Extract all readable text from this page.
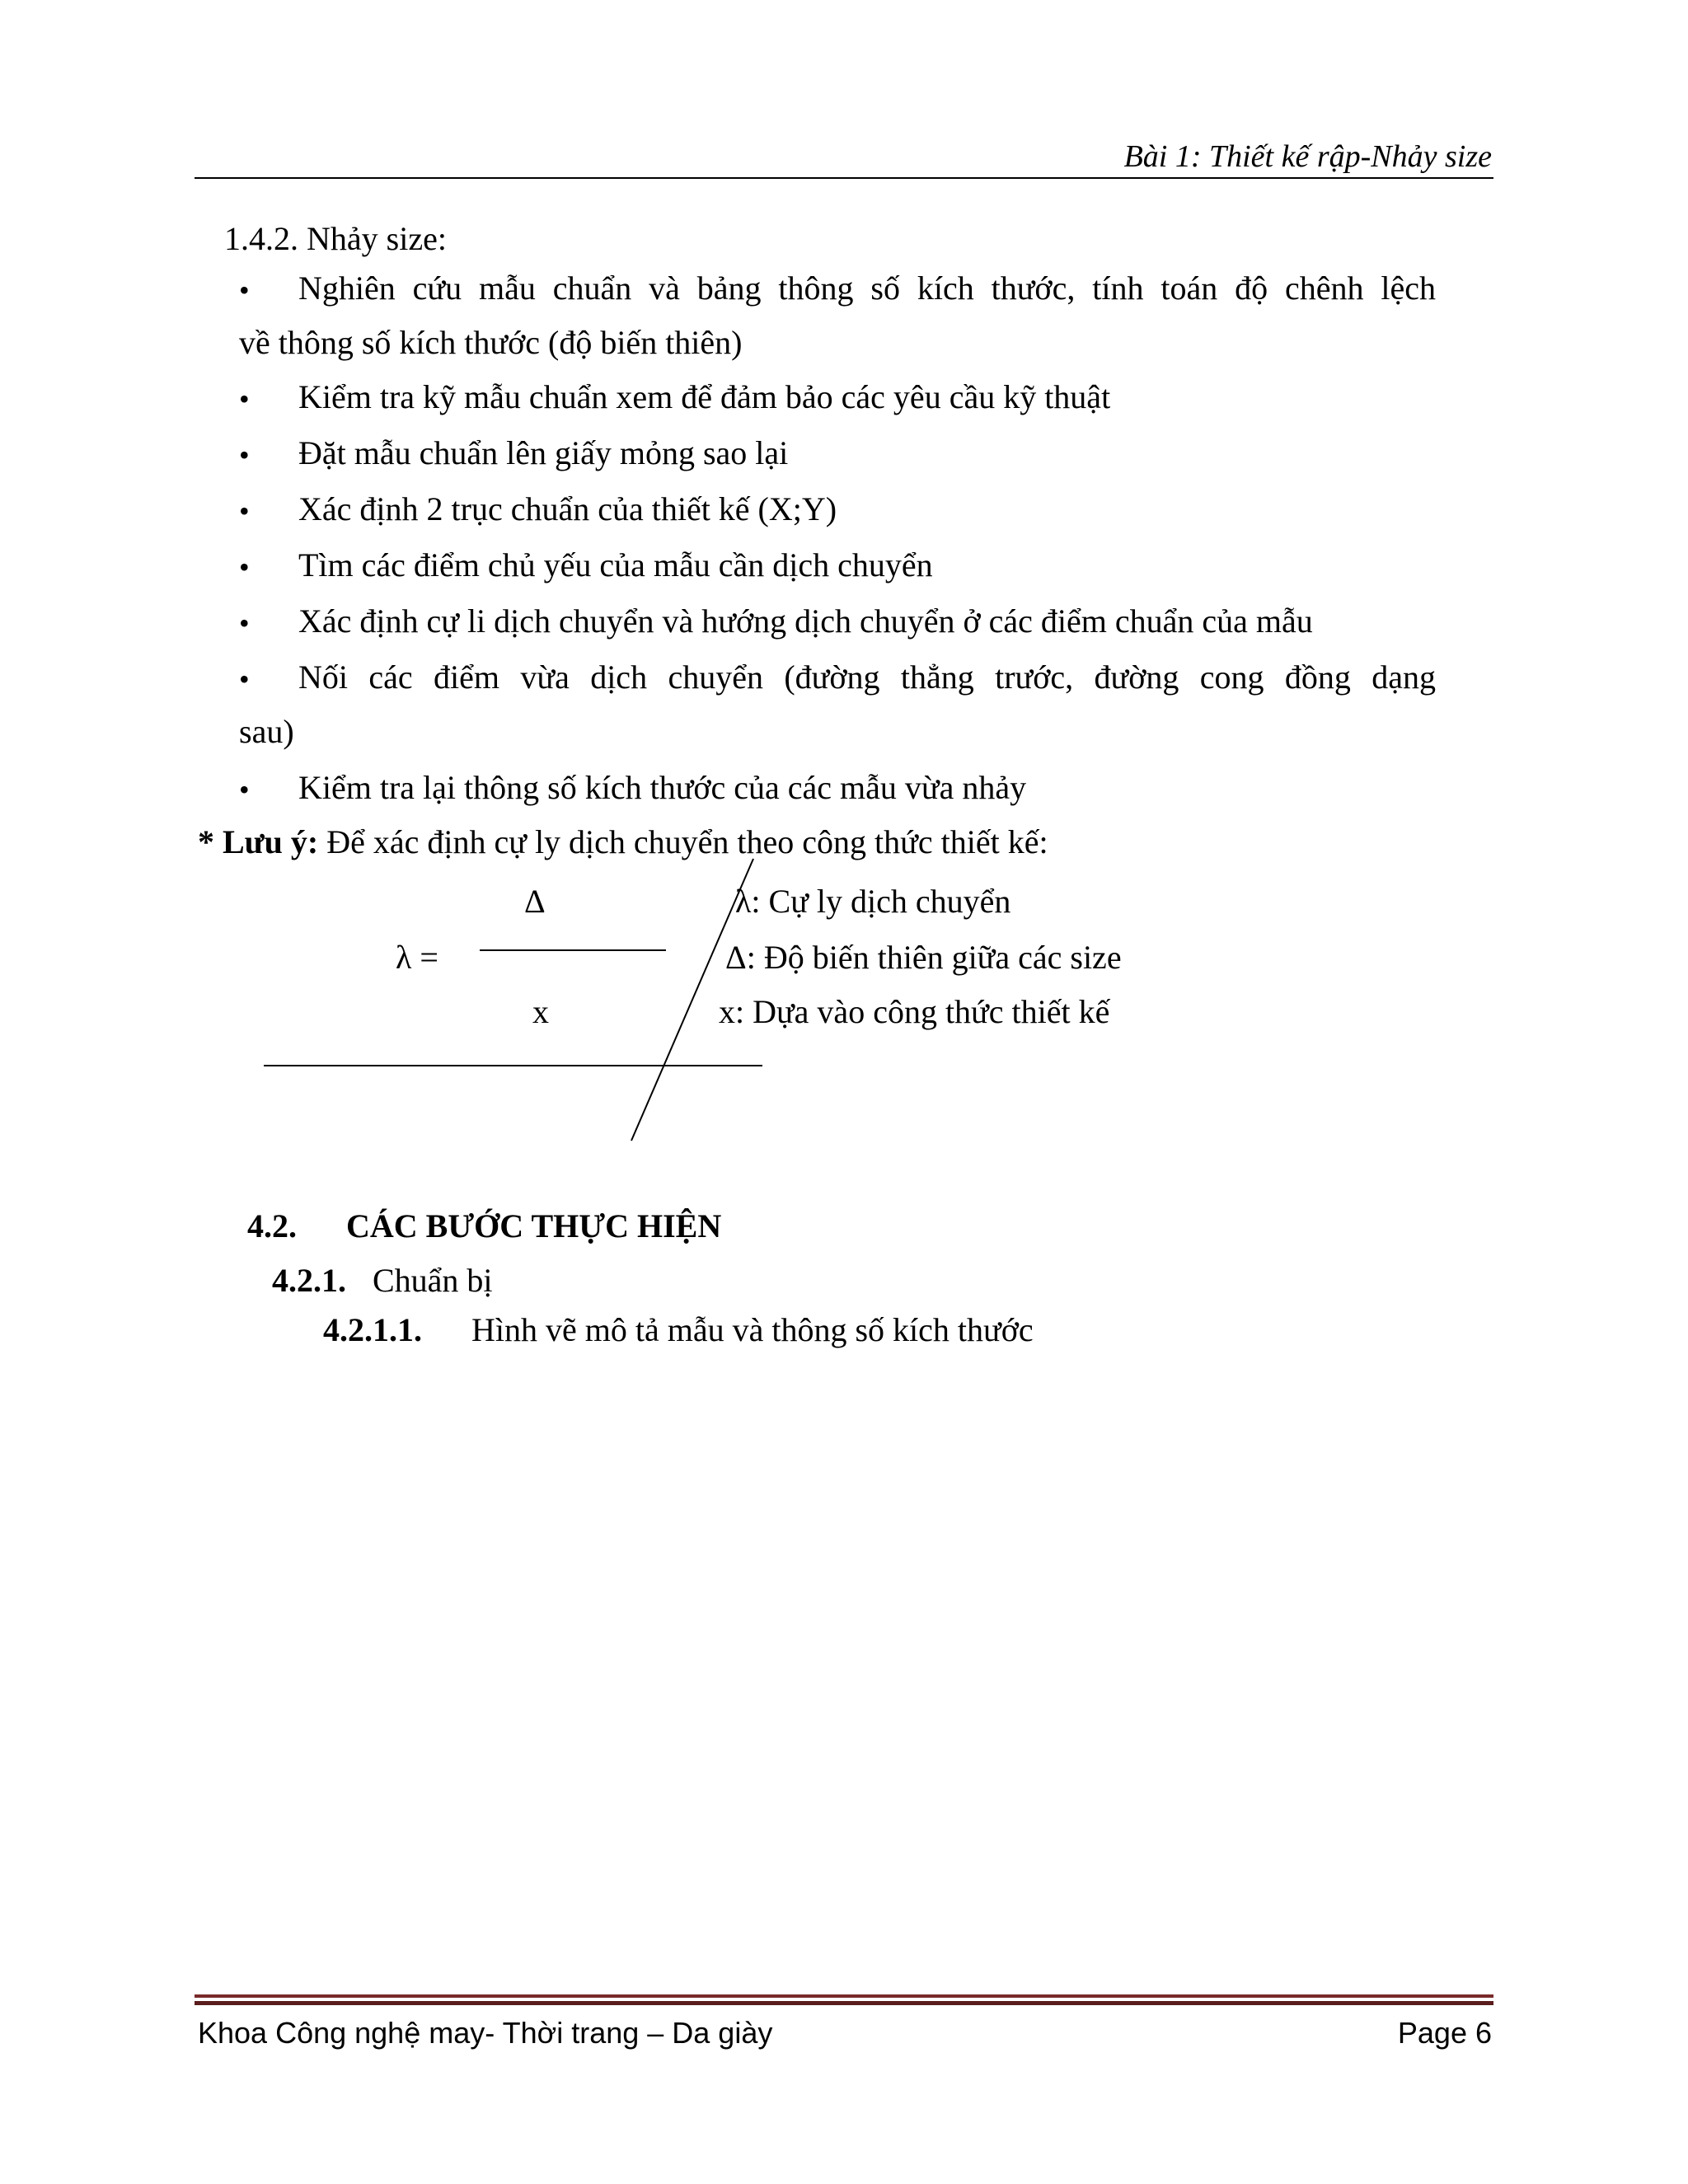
Bài 1: Thiết kế rập-Nhảy size
1.4.2. Nhảy size:
• Nghiên cứu mẫu chuẩn và bảng thông số kích thước, tính toán độ chênh lệch
về thông số kích thước (độ biến thiên)
• Kiểm tra kỹ mẫu chuẩn xem để đảm bảo các yêu cầu kỹ thuật
• Đặt mẫu chuẩn lên giấy mỏng sao lại
• Xác định 2 trục chuẩn của thiết kế (X;Y)
• Tìm các điểm chủ yếu của mẫu cần dịch chuyển
• Xác định cự li dịch chuyển và hướng dịch chuyển ở các điểm chuẩn của mẫu
• Nối các điểm vừa dịch chuyển (đường thẳng trước, đường cong đồng dạng
sau)
• Kiểm tra lại thông số kích thước của các mẫu vừa nhảy
* Lưu ý: Để xác định cự ly dịch chuyển theo công thức thiết kế:
Δ
λ =
x
λ: Cự ly dịch chuyển
Δ: Độ biến thiên giữa các size
x: Dựa vào công thức thiết kế
4.2. CÁC BƯỚC THỰC HIỆN
4.2.1. Chuẩn bị
4.2.1.1. Hình vẽ mô tả mẫu và thông số kích thước
Khoa Công nghệ may- Thời trang – Da giày	Page 6
